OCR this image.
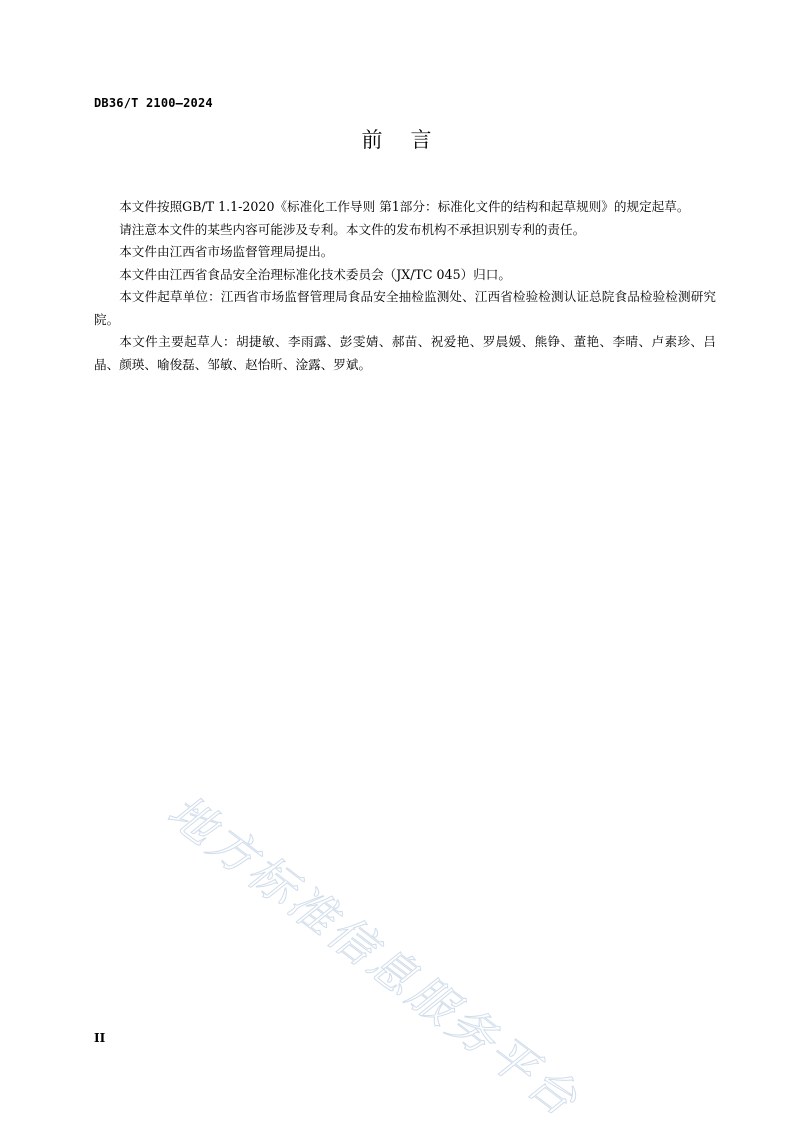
DB36/T 2100—2024
前言

本文件按照GB/T 1.1-2020《标准化工作导则 第1部分：标准化文件的结构和起草规则》的规定起草。

请注意本文件的某些内容可能涉及专利。本文件的发布机构不承担识别专利的责任。

本文件由江西省市场监督管理局提出。

本文件由江西省食品安全治理标准化技术委员会（JX/TC 045）归口。

本文件起草单位：江西省市场监督管理局食品安全抽检监测处、江西省检验检测认证总院食品检验检测研究院。

本文件主要起草人：胡捷敏、李雨露、彭雯婧、郝苗、祝爱艳、罗晨媛、熊铮、董艳、李晴、卢素珍、吕晶、颜瑛、喻俊磊、邹敏、赵怡昕、淦露、罗斌。

地方标准信息服务平台
II
